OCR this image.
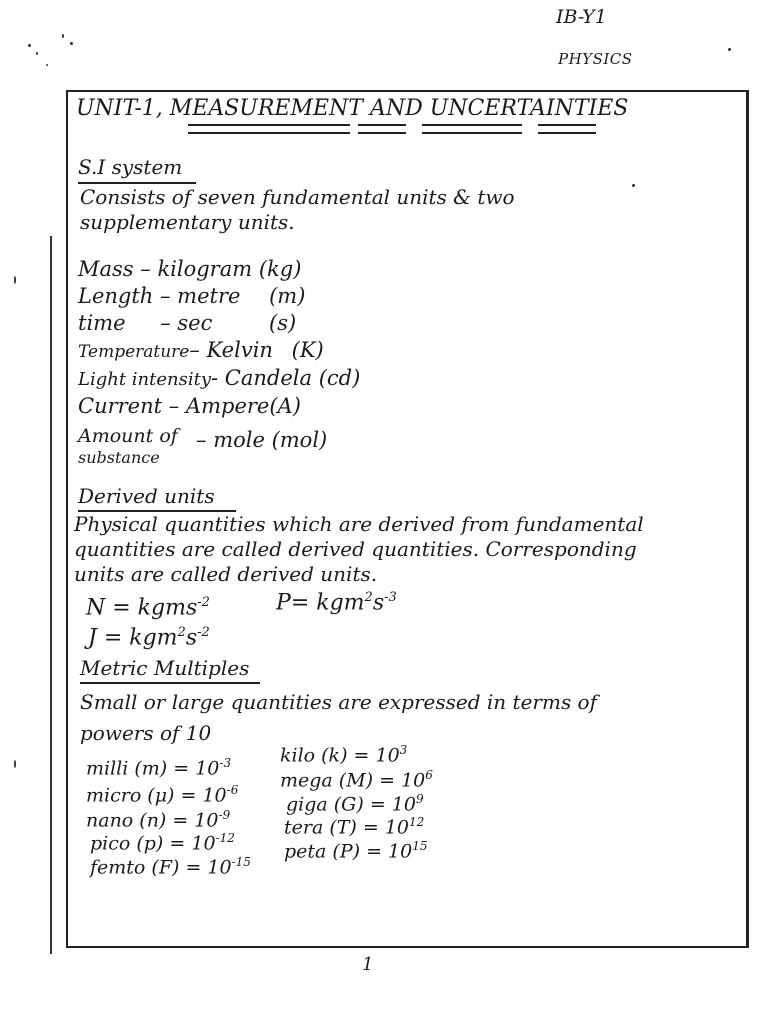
IB-Y1
PHYSICS
UNIT-1, MEASUREMENT AND UNCERTAINTIES
S.I system
Consists of seven fundamental units & two
supplementary units.
Mass – kilogram (kg)
Length – metre (m)
time – sec	(s)
Temperature– Kelvin (K)
Light intensity- Candela (cd)
Current – Ampere(A)
Amount of
substance
– mole (mol)
Derived units
Physical quantities which are derived from fundamental
quantities are called derived quantities. Corresponding
units are called derived units.
N = kgms$^{-2}$	$P= kgm^2s^{-3}$
$J = kgm^2s^{-2}$
Metric Multiples
Small or large quantities are expressed in terms of
powers of 10
milli $(m) = 10^{-3}$
micro $(\mu) = 10^{-6}$
nano $(n) = 10^{-9}$
pico $(p) = 10^{-12}$
femto $(F) = 10^{-15}$
kilo $(k) = 10^3$
mega $(M) = 10^6$
giga $(G) = 10^9$
tera $(T) = 10^{12}$
peta $(P) = 10^{15}$
1
